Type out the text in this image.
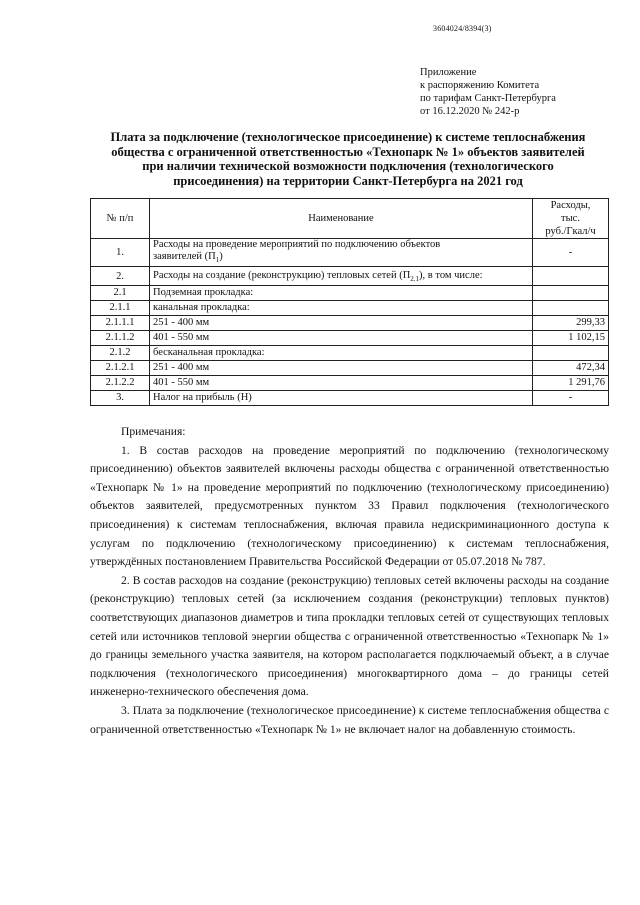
3604024/8394(3)
Приложение
к распоряжению Комитета
по тарифам Санкт-Петербурга
от 16.12.2020 № 242-р
Плата за подключение (технологическое присоединение) к системе теплоснабжения
общества с ограниченной ответственностью «Технопарк № 1» объектов заявителей
при наличии технической возможности подключения (технологического
присоединения) на территории Санкт-Петербурга на 2021 год
№ п/п	Наименование	Расходы,
тыс.
руб./Гкал/ч

1.	Расходы на проведение мероприятий по подключению объектов
заявителей $(П_1)$	-
2.	Расходы на создание (реконструкцию) тепловых сетей $(П_{2.1})$, в том числе:	
2.1	Подземная прокладка:	
2.1.1	канальная прокладка:	
2.1.1.1	251 - 400 мм	299,33
2.1.1.2	401 - 550 мм	1 102,15
2.1.2	бесканальная прокладка:	
2.1.2.1	251 - 400 мм	472,34
2.1.2.2	401 - 550 мм	1 291,76
3.	Налог на прибыль (Н)	-
Примечания:

1. В состав расходов на проведение мероприятий по подключению (технологическому присоединению) объектов заявителей включены расходы общества с ограниченной ответственностью «Технопарк № 1» на проведение мероприятий по подключению (технологическому присоединению) объектов заявителей, предусмотренных пунктом 33 Правил подключения (технологического присоединения) к системам теплоснабжения, включая правила недискриминационного доступа к услугам по подключению (технологическому присоединению) к системам теплоснабжения, утверждённых постановлением Правительства Российской Федерации от 05.07.2018 № 787.

2. В состав расходов на создание (реконструкцию) тепловых сетей включены расходы на создание (реконструкцию) тепловых сетей (за исключением создания (реконструкции) тепловых пунктов) соответствующих диапазонов диаметров и типа прокладки тепловых сетей от существующих тепловых сетей или источников тепловой энергии общества с ограниченной ответственностью «Технопарк № 1» до границы земельного участка заявителя, на котором располагается подключаемый объект, а в случае подключения (технологического присоединения) многоквартирного дома – до границы сетей инженерно-технического обеспечения дома.

3. Плата за подключение (технологическое присоединение) к системе теплоснабжения общества с ограниченной ответственностью «Технопарк № 1» не включает налог на добавленную стоимость.
